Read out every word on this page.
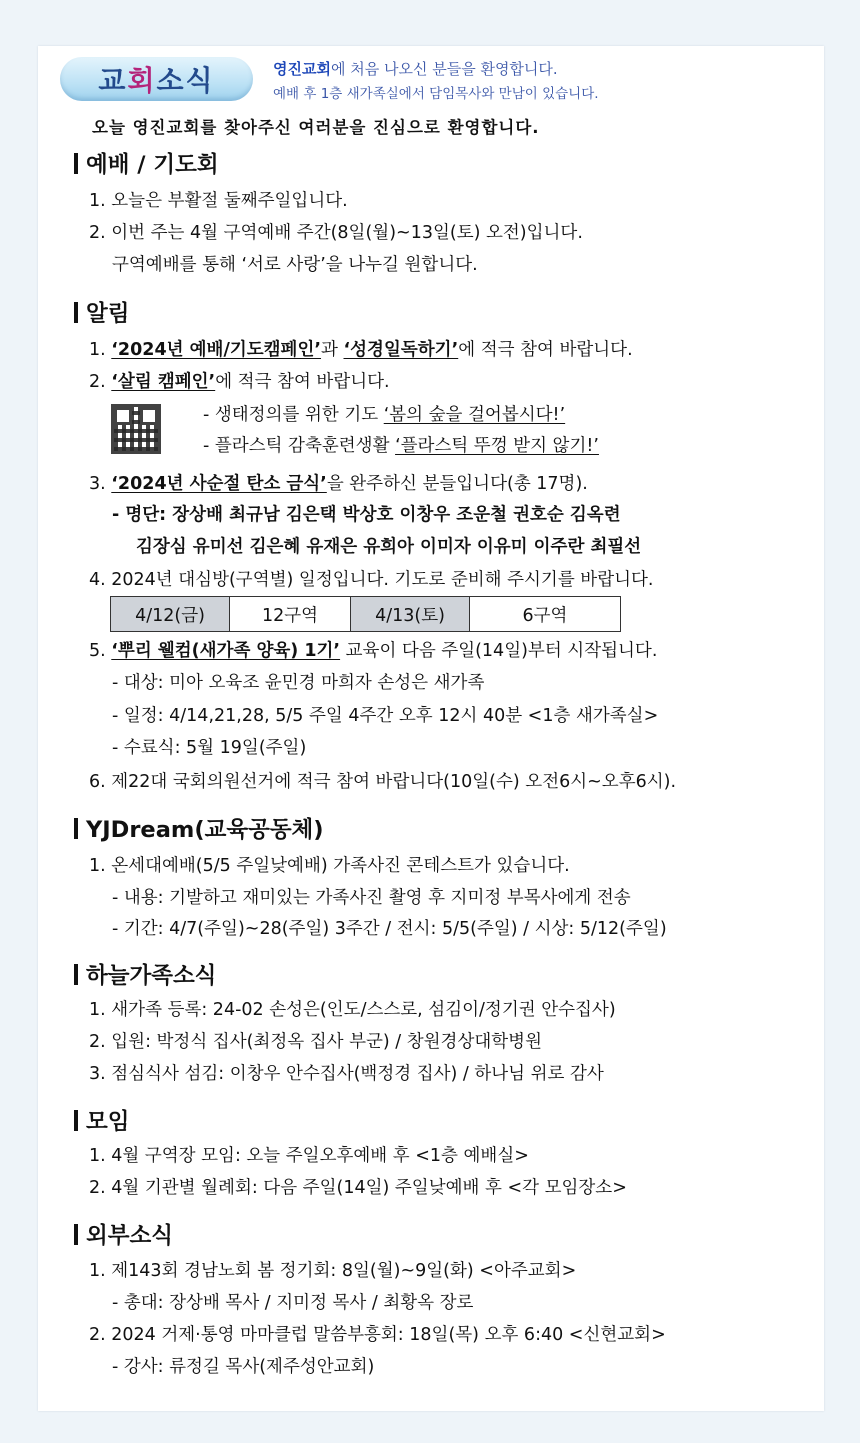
교회소식	영진교회에 처음 나오신 분들을 환영합니다.
예배 후 1층 새가족실에서 담임목사와 만남이 있습니다.
오늘 영진교회를 찾아주신 여러분을 진심으로 환영합니다.
예배 / 기도회
1. 오늘은 부활절 둘째주일입니다.
2. 이번 주는 4월 구역예배 주간(8일(월)~13일(토) 오전)입니다.
구역예배를 통해 ‘서로 사랑’을 나누길 원합니다.
알림
1. ‘2024년 예배/기도캠페인’과 ‘성경일독하기’에 적극 참여 바랍니다.
2. ‘살림 캠페인’에 적극 참여 바랍니다.
- 생태정의를 위한 기도 ‘봄의 숲을 걸어봅시다!’
- 플라스틱 감축훈련생활 ‘플라스틱 뚜껑 받지 않기!’
3. ‘2024년 사순절 탄소 금식’을 완주하신 분들입니다(총 17명).
- 명단: 장상배 최규남 김은택 박상호 이창우 조운철 권호순 김옥련
김장심 유미선 김은혜 유재은 유희아 이미자 이유미 이주란 최필선
4. 2024년 대심방(구역별) 일정입니다. 기도로 준비해 주시기를 바랍니다.
4/12(금)	12구역	4/13(토)	6구역
5. ‘뿌리 웰컴(새가족 양육) 1기’ 교육이 다음 주일(14일)부터 시작됩니다.
- 대상: 미아 오육조 윤민경 마희자 손성은 새가족
- 일정: 4/14,21,28, 5/5 주일 4주간 오후 12시 40분 <1층 새가족실>
- 수료식: 5월 19일(주일)
6. 제22대 국회의원선거에 적극 참여 바랍니다(10일(수) 오전6시~오후6시).
YJDream(교육공동체)
1. 온세대예배(5/5 주일낮예배) 가족사진 콘테스트가 있습니다.
- 내용: 기발하고 재미있는 가족사진 촬영 후 지미정 부목사에게 전송
- 기간: 4/7(주일)~28(주일) 3주간 / 전시: 5/5(주일) / 시상: 5/12(주일)
하늘가족소식
1. 새가족 등록: 24-02 손성은(인도/스스로, 섬김이/정기권 안수집사)
2. 입원: 박정식 집사(최정옥 집사 부군) / 창원경상대학병원
3. 점심식사 섬김: 이창우 안수집사(백정경 집사) / 하나님 위로 감사
모임
1. 4월 구역장 모임: 오늘 주일오후예배 후 <1층 예배실>
2. 4월 기관별 월례회: 다음 주일(14일) 주일낮예배 후 <각 모임장소>
외부소식
1. 제143회 경남노회 봄 정기회: 8일(월)~9일(화) <아주교회>
- 총대: 장상배 목사 / 지미정 목사 / 최황옥 장로
2. 2024 거제·통영 마마클럽 말씀부흥회: 18일(목) 오후 6:40 <신현교회>
- 강사: 류정길 목사(제주성안교회)
